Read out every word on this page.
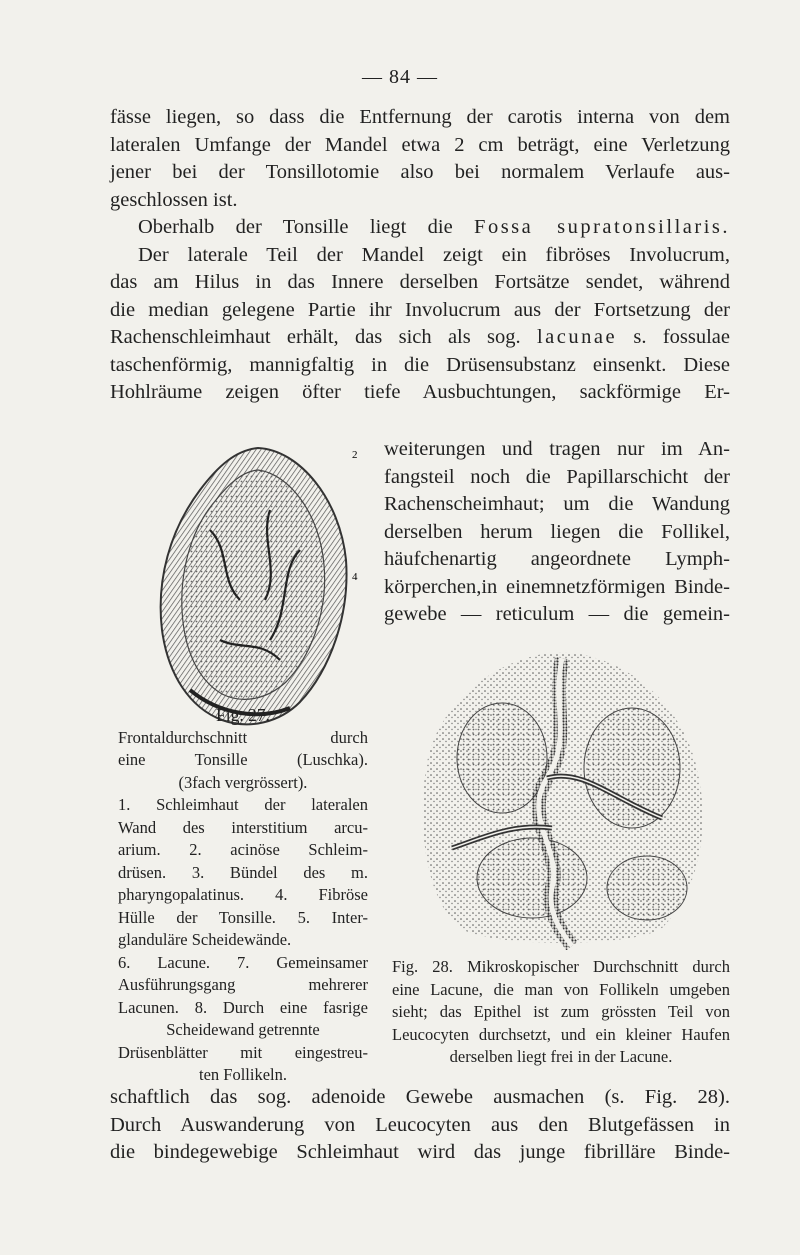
— 84 —
fässe liegen, so dass die Entfernung der carotis interna von dem
lateralen Umfange der Mandel etwa 2 cm beträgt, eine Verletzung
jener bei der Tonsillotomie also bei normalem Verlaufe aus-
geschlossen ist.
Oberhalb der Tonsille liegt die Fossa supratonsillaris.
Der laterale Teil der Mandel zeigt ein fibröses Involucrum,
das am Hilus in das Innere derselben Fortsätze sendet, während
die median gelegene Partie ihr Involucrum aus der Fortsetzung der
Rachenschleimhaut erhält, das sich als sog. lacunae s. fossulae
taschenförmig, mannigfaltig in die Drüsensubstanz einsenkt. Diese
Hohlräume zeigen öfter tiefe Ausbuchtungen, sackförmige Er-
weiterungen und tragen nur im An-
fangsteil noch die Papillarschicht der
Rachenscheimhaut; um die Wandung
derselben herum liegen die Follikel,
häufchenartig angeordnete Lymph-
körperchen,in einemnetzförmigen Binde-
gewebe — reticulum — die gemein-
2
4
Fig. 27.
Frontaldurchschnitt durch
eine Tonsille (Luschka).
(3fach vergrössert).
1. Schleimhaut der lateralen
Wand des interstitium arcu-
arium. 2. acinöse Schleim-
drüsen. 3. Bündel des m.
pharyngopalatinus. 4. Fibröse
Hülle der Tonsille. 5. Inter-
glanduläre Scheidewände.
6. Lacune. 7. Gemeinsamer
Ausführungsgang mehrerer
Lacunen. 8. Durch eine fasrige
Scheidewand getrennte
Drüsenblätter mit eingestreu-
ten Follikeln.
Fig. 28. Mikroskopischer Durchschnitt durch
eine Lacune, die man von Follikeln umgeben
sieht; das Epithel ist zum grössten Teil von
Leucocyten durchsetzt, und ein kleiner Haufen
derselben liegt frei in der Lacune.
schaftlich das sog. adenoide Gewebe ausmachen (s. Fig. 28).
Durch Auswanderung von Leucocyten aus den Blutgefässen in
die bindegewebige Schleimhaut wird das junge fibrilläre Binde-
